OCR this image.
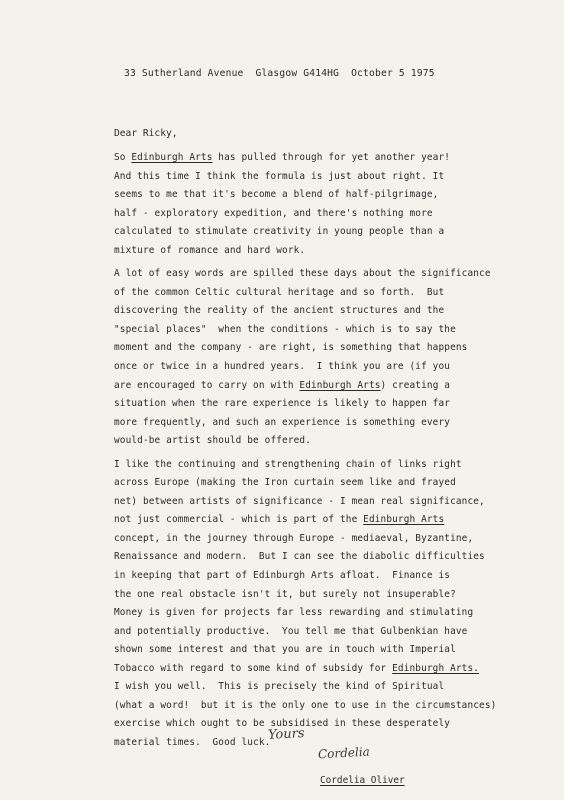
33 Sutherland Avenue  Glasgow G414HG  October 5 1975
Dear Ricky,
So Edinburgh Arts has pulled through for yet another year!
And this time I think the formula is just about right. It
seems to me that it's become a blend of half-pilgrimage,
half - exploratory expedition, and there's nothing more
calculated to stimulate creativity in young people than a
mixture of romance and hard work.
A lot of easy words are spilled these days about the significance
of the common Celtic cultural heritage and so forth.  But
discovering the reality of the ancient structures and the
"special places"  when the conditions - which is to say the
moment and the company - are right, is something that happens
once or twice in a hundred years.  I think you are (if you
are encouraged to carry on with Edinburgh Arts) creating a
situation when the rare experience is likely to happen far
more frequently, and such an experience is something every
would-be artist should be offered.
I like the continuing and strengthening chain of links right
across Europe (making the Iron curtain seem like and frayed
net) between artists of significance - I mean real significance,
not just commercial - which is part of the Edinburgh Arts
concept, in the journey through Europe - mediaeval, Byzantine,
Renaissance and modern.  But I can see the diabolic difficulties
in keeping that part of Edinburgh Arts afloat.  Finance is
the one real obstacle isn't it, but surely not insuperable?
Money is given for projects far less rewarding and stimulating
and potentially productive.  You tell me that Gulbenkian have
shown some interest and that you are in touch with Imperial
Tobacco with regard to some kind of subsidy for Edinburgh Arts.
I wish you well.  This is precisely the kind of Spiritual
(what a word!  but it is the only one to use in the circumstances)
exercise which ought to be subsidised in these desperately
material times.  Good luck.
Yours
Cordelia
Cordelia Oliver
